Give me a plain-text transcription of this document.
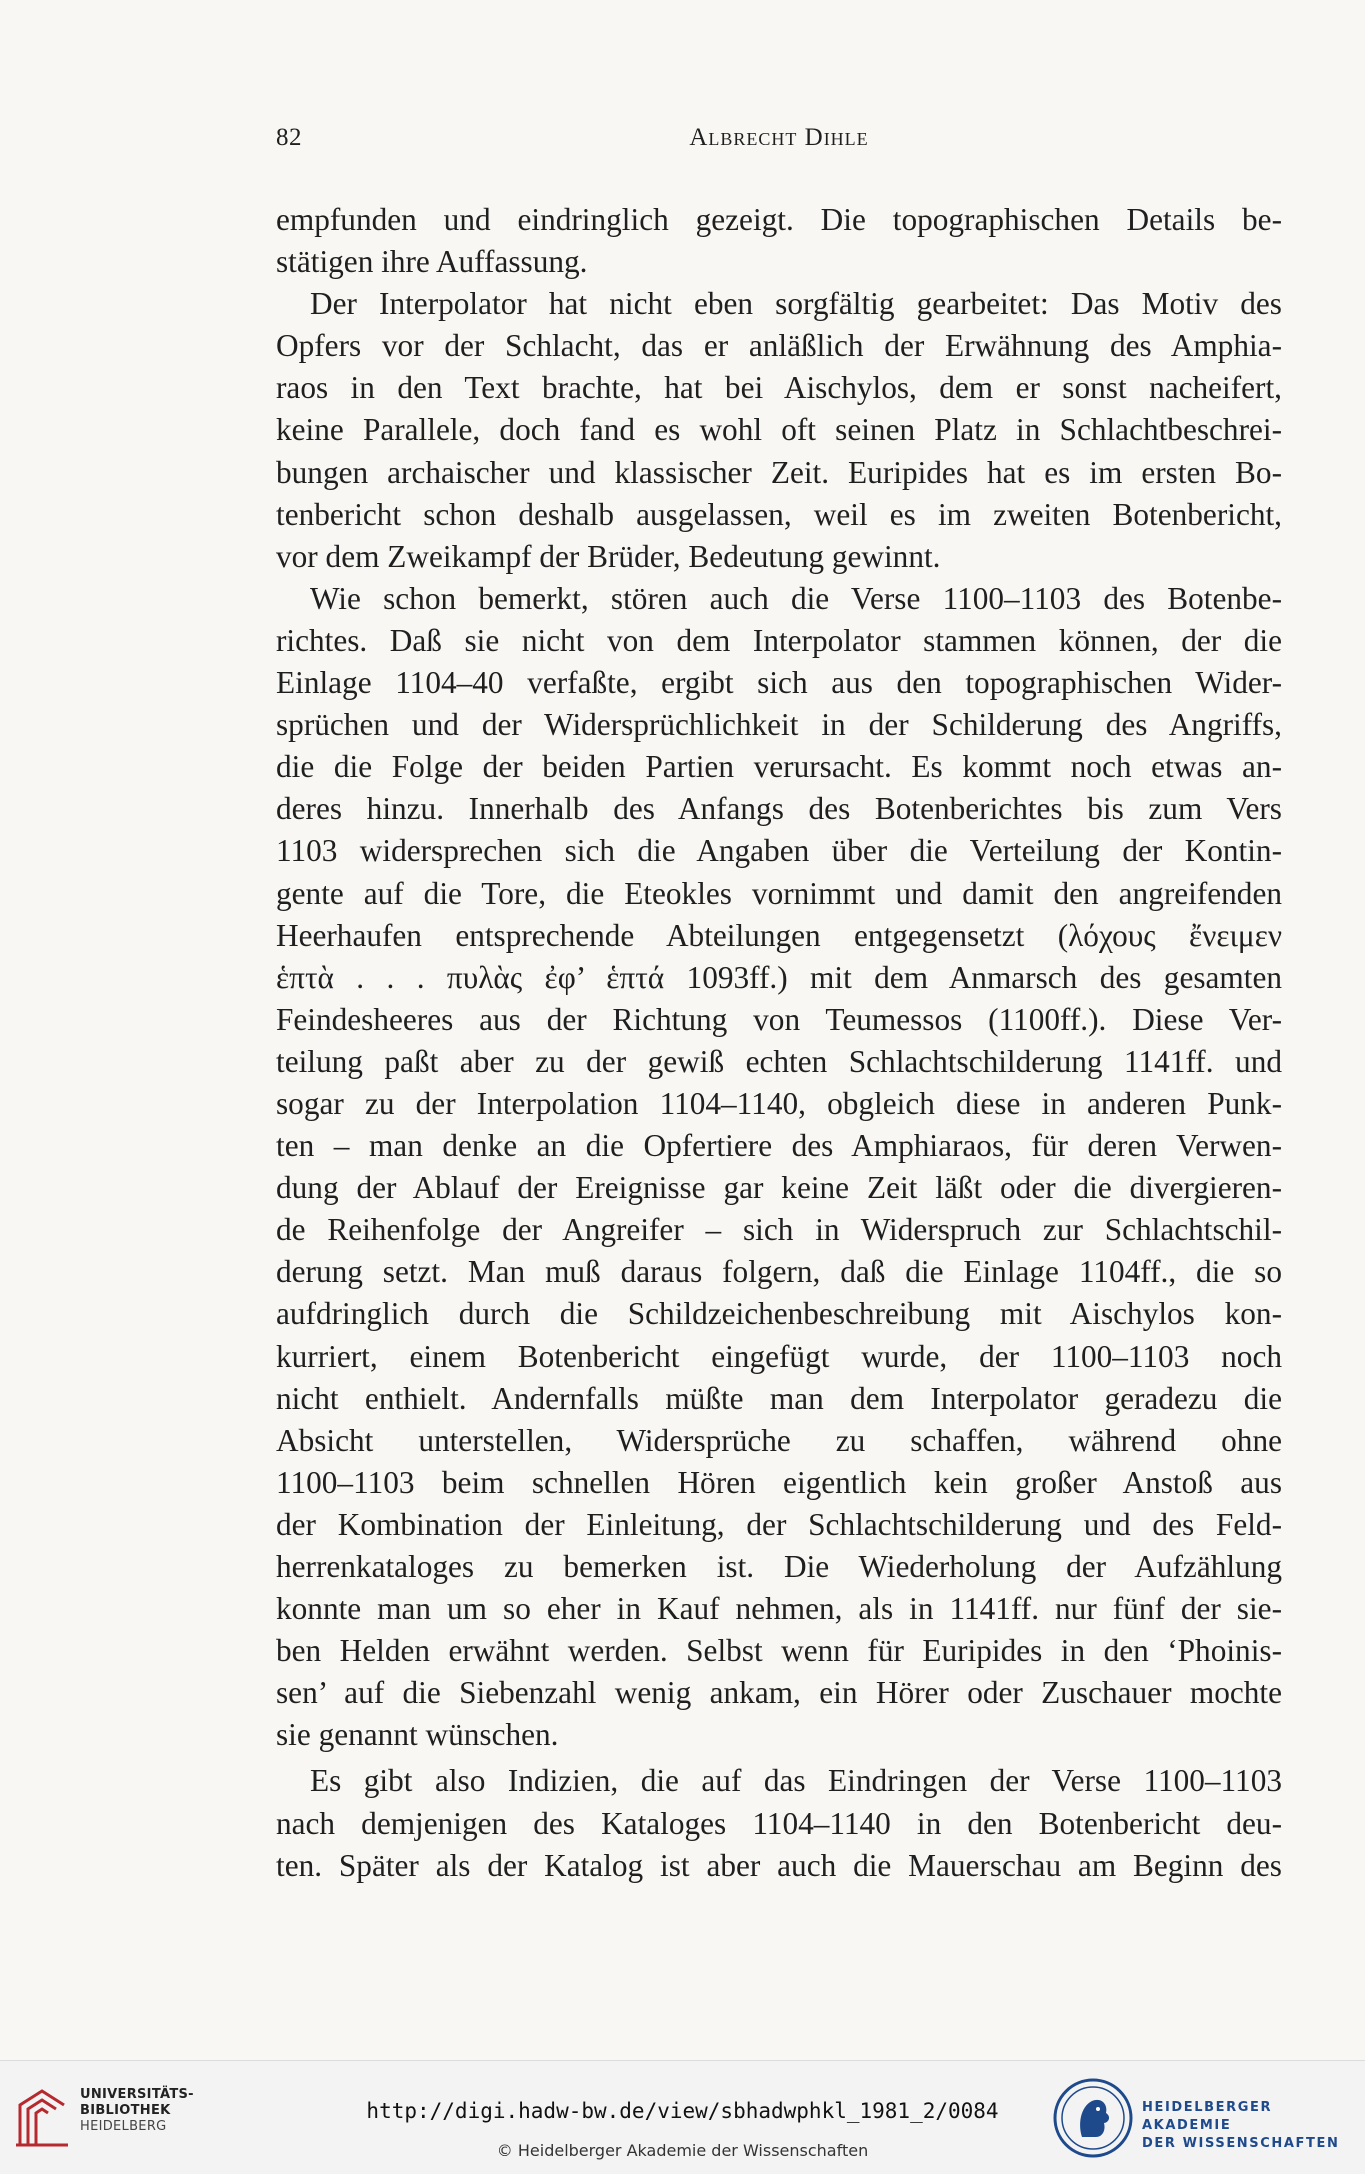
82	Albrecht Dihle
empfunden und eindringlich gezeigt. Die topographischen Details be-
stätigen ihre Auffassung.
Der Interpolator hat nicht eben sorgfältig gearbeitet: Das Motiv des
Opfers vor der Schlacht, das er anläßlich der Erwähnung des Amphia-
raos in den Text brachte, hat bei Aischylos, dem er sonst nacheifert,
keine Parallele, doch fand es wohl oft seinen Platz in Schlachtbeschrei-
bungen archaischer und klassischer Zeit. Euripides hat es im ersten Bo-
tenbericht schon deshalb ausgelassen, weil es im zweiten Botenbericht,
vor dem Zweikampf der Brüder, Bedeutung gewinnt.
Wie schon bemerkt, stören auch die Verse 1100–1103 des Botenbe-
richtes. Daß sie nicht von dem Interpolator stammen können, der die
Einlage 1104–40 verfaßte, ergibt sich aus den topographischen Wider-
sprüchen und der Widersprüchlichkeit in der Schilderung des Angriffs,
die die Folge der beiden Partien verursacht. Es kommt noch etwas an-
deres hinzu. Innerhalb des Anfangs des Botenberichtes bis zum Vers
1103 widersprechen sich die Angaben über die Verteilung der Kontin-
gente auf die Tore, die Eteokles vornimmt und damit den angreifenden
Heerhaufen entsprechende Abteilungen entgegensetzt (λόχους ἔνειμεν
ἑπτὰ . . . πυλὰς ἐφ’ ἑπτά 1093ff.) mit dem Anmarsch des gesamten
Feindesheeres aus der Richtung von Teumessos (1100ff.). Diese Ver-
teilung paßt aber zu der gewiß echten Schlachtschilderung 1141ff. und
sogar zu der Interpolation 1104–1140, obgleich diese in anderen Punk-
ten – man denke an die Opfertiere des Amphiaraos, für deren Verwen-
dung der Ablauf der Ereignisse gar keine Zeit läßt oder die divergieren-
de Reihenfolge der Angreifer – sich in Widerspruch zur Schlachtschil-
derung setzt. Man muß daraus folgern, daß die Einlage 1104ff., die so
aufdringlich durch die Schildzeichenbeschreibung mit Aischylos kon-
kurriert, einem Botenbericht eingefügt wurde, der 1100–1103 noch
nicht enthielt. Andernfalls müßte man dem Interpolator geradezu die
Absicht unterstellen, Widersprüche zu schaffen, während ohne
1100–1103 beim schnellen Hören eigentlich kein großer Anstoß aus
der Kombination der Einleitung, der Schlachtschilderung und des Feld-
herrenkataloges zu bemerken ist. Die Wiederholung der Aufzählung
konnte man um so eher in Kauf nehmen, als in 1141ff. nur fünf der sie-
ben Helden erwähnt werden. Selbst wenn für Euripides in den ‘Phoinis-
sen’ auf die Siebenzahl wenig ankam, ein Hörer oder Zuschauer mochte
sie genannt wünschen.
Es gibt also Indizien, die auf das Eindringen der Verse 1100–1103
nach demjenigen des Kataloges 1104–1140 in den Botenbericht deu-
ten. Später als der Katalog ist aber auch die Mauerschau am Beginn des
UNIVERSITÄTS-
BIBLIOTHEK
HEIDELBERG
http://digi.hadw-bw.de/view/sbhadwphkl_1981_2/0084
© Heidelberger Akademie der Wissenschaften
HEIDELBERGER AKADEMIE
DER WISSENSCHAFTEN
